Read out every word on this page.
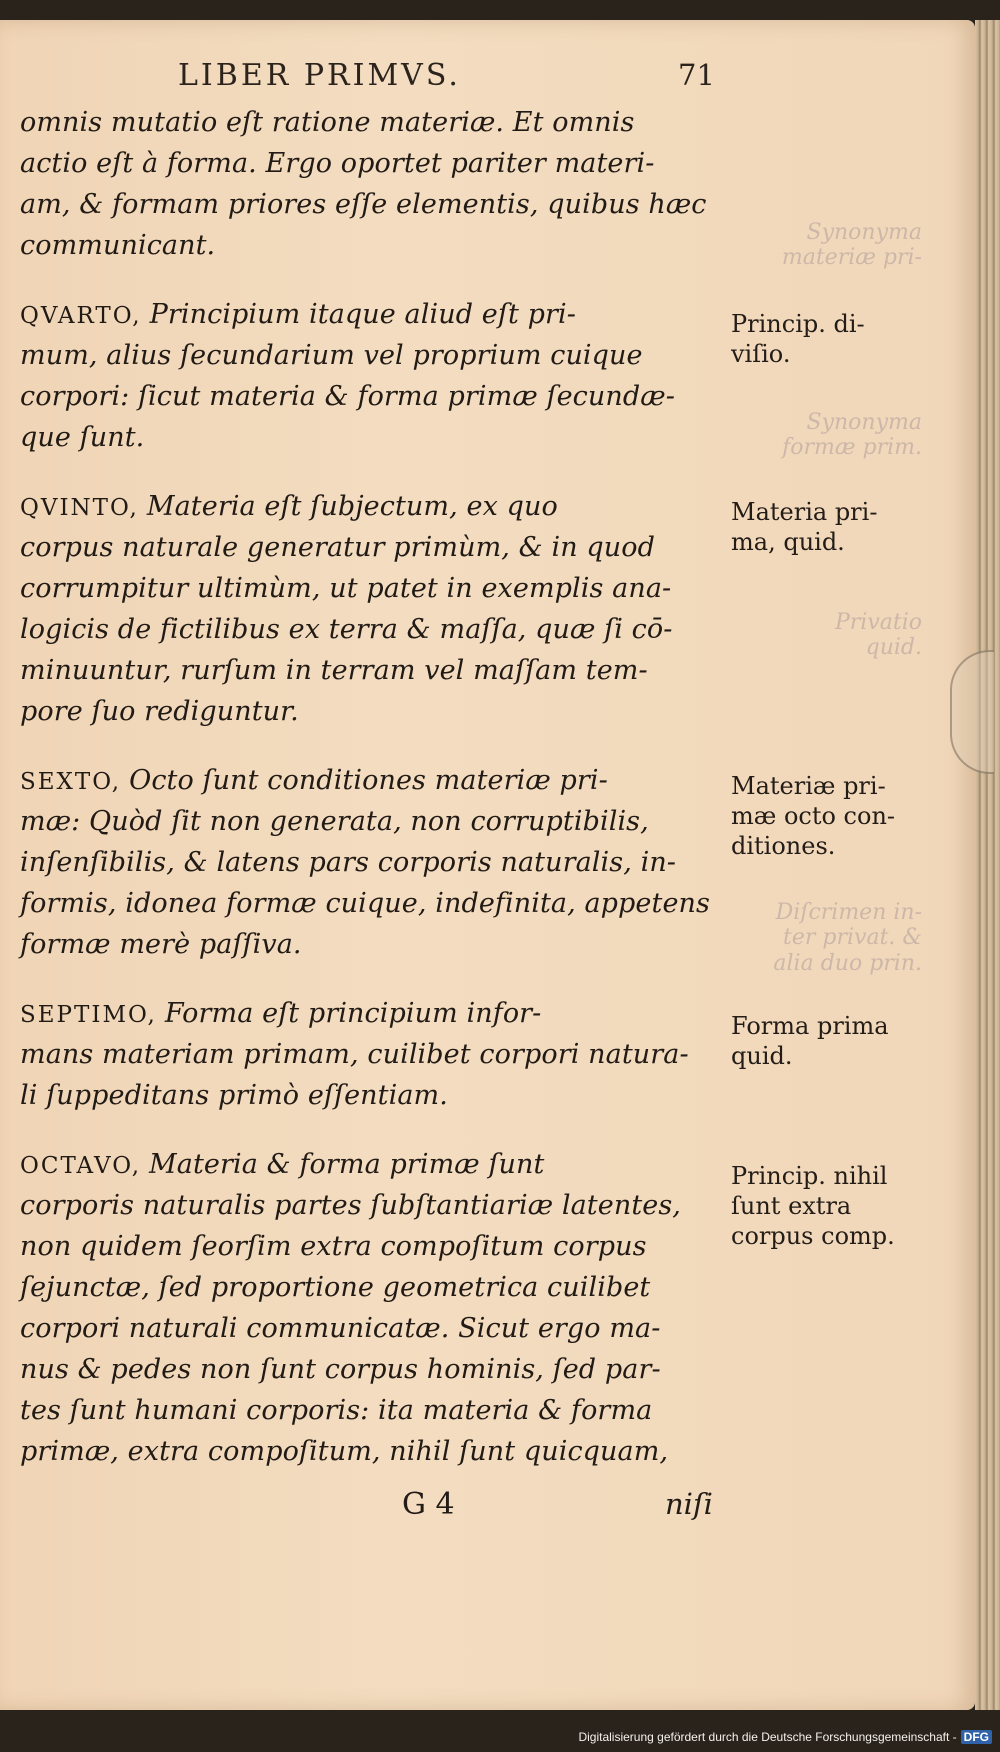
Synonyma
materiæ pri-
Synonyma
formæ prim.
Privatio
quid.
Diſcrimen in-
ter privat. &
alia duo prin.
LIBER PRIMVS.	71
omnis mutatio eſt ratione materiæ. Et omnis
actio eſt à forma. Ergo oportet pariter materi-
am, & formam priores eſſe elementis, quibus hæc
communicant.
QVARTO, Principium itaque aliud eſt pri-
mum, alius ſecundarium vel proprium cuique
corpori: ſicut materia & forma primæ ſecundæ-
que ſunt.
QVINTO, Materia eſt ſubjectum, ex quo
corpus naturale generatur primùm, & in quod
corrumpitur ultimùm, ut patet in exemplis ana-
logicis de fictilibus ex terra & maſſa, quæ ſi cō-
minuuntur, rurſum in terram vel maſſam tem-
pore ſuo rediguntur.
SEXTO, Octo ſunt conditiones materiæ pri-
mæ: Quòd ſit non generata, non corruptibilis,
inſenſibilis, & latens pars corporis naturalis, in-
formis, idonea formæ cuique, indefinita, appetens
formæ merè paſſiva.
SEPTIMO, Forma eſt principium infor-
mans materiam primam, cuilibet corpori natura-
li ſuppeditans primò eſſentiam.
OCTAVO, Materia & forma primæ ſunt
corporis naturalis partes ſubſtantiariæ latentes,
non quidem ſeorſim extra compoſitum corpus
ſejunctæ, ſed proportione geometrica cuilibet
corpori naturali communicatæ. Sicut ergo ma-
nus & pedes non ſunt corpus hominis, ſed par-
tes ſunt humani corporis: ita materia & forma
primæ, extra compoſitum, nihil ſunt quicquam,
Princip. di-
viſio.
Materia pri-
ma, quid.
Materiæ pri-
mæ octo con-
ditiones.
Forma prima
quid.
Princip. nihil
ſunt extra
corpus comp.
G 4	niſi
Digitalisierung gefördert durch die Deutsche Forschungsgemeinschaft - DFG
